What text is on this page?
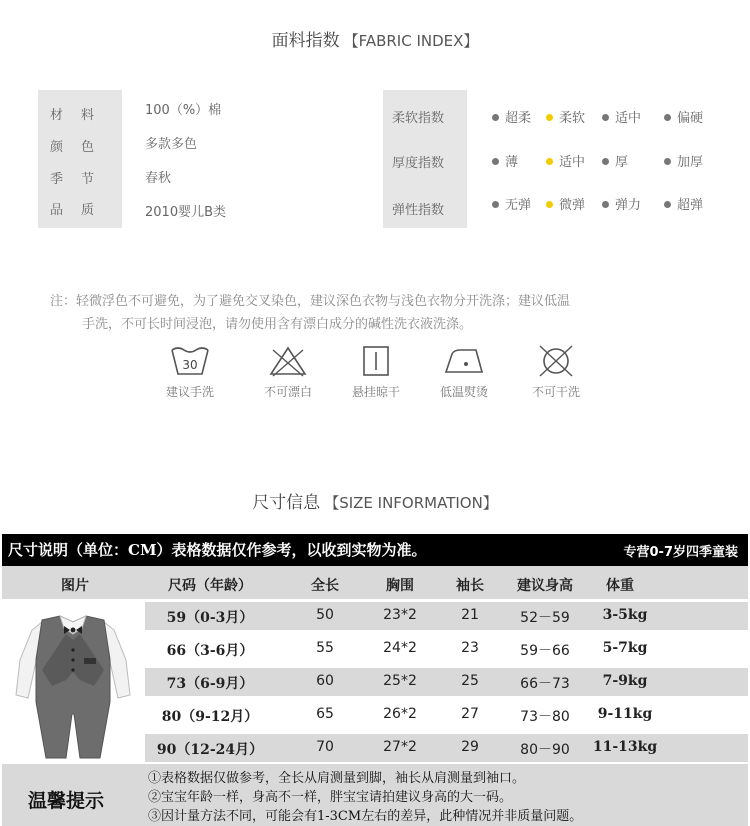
面料指数 【FABRIC INDEX】
材料	100（%）棉
颜色	多款多色
季节	春秋
品质	2010婴儿B类
柔软指数	超柔	柔软	适中	偏硬
厚度指数	薄	适中	厚	加厚
弹性指数	无弹	微弹	弹力	超弹
注：轻微浮色不可避免，为了避免交叉染色，建议深色衣物与浅色衣物分开洗涤；建议低温
手洗，不可长时间浸泡，请勿使用含有漂白成分的碱性洗衣液洗涤。
30
建议手洗	不可漂白	悬挂晾干	低温熨烫	不可干洗
尺寸信息 【SIZE INFORMATION】
尺寸说明（单位：CM）表格数据仅作参考，以收到实物为准。	专营0-7岁四季童装
图片	尺码（年龄）	全长	胸围	袖长	建议身高	体重
59（0-3月）	50	23*2	21	52－59	3-5kg
66（3-6月）	55	24*2	23	59－66	5-7kg
73（6-9月）	60	25*2	25	66－73	7-9kg
80（9-12月）	65	26*2	27	73－80	9-11kg
90（12-24月）	70	27*2	29	80－90	11-13kg
温馨提示
①表格数据仅做参考，全长从肩测量到脚，袖长从肩测量到袖口。
②宝宝年龄一样，身高不一样，胖宝宝请拍建议身高的大一码。
③因计量方法不同，可能会有1-3CM左右的差异，此种情况并非质量问题。
